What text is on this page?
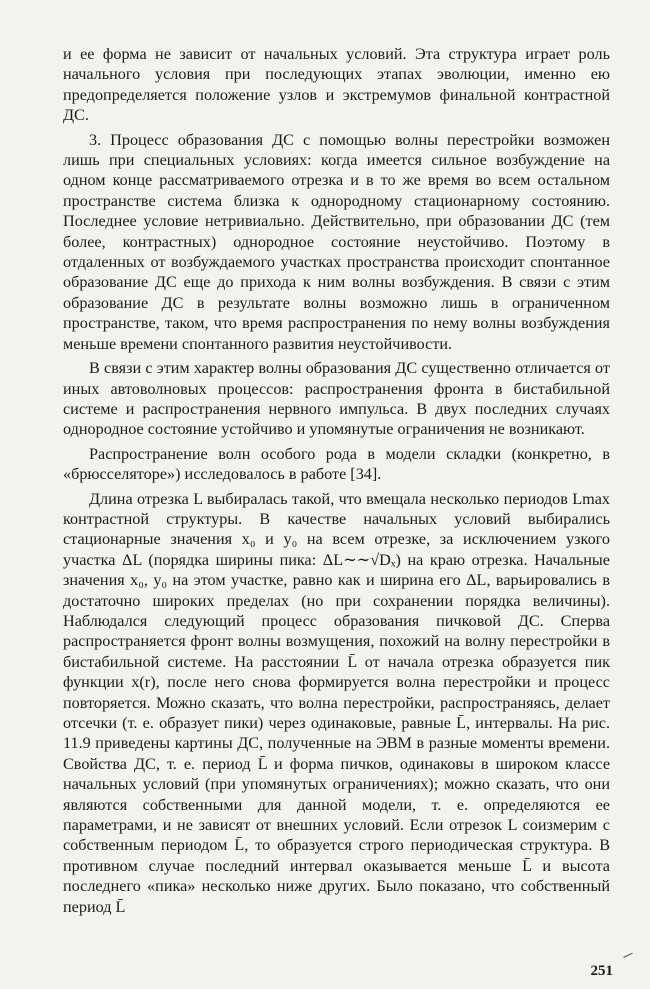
и ее форма не зависит от начальных условий. Эта структура играет роль начального условия при последующих этапах эволюции, именно ею предопределяется положение узлов и экстремумов финальной контрастной ДС.

3. Процесс образования ДС с помощью волны перестройки возможен лишь при специальных условиях: когда имеется сильное возбуждение на одном конце рассматриваемого отрезка и в то же время во всем остальном пространстве система близка к однородному стационарному состоянию. Последнее условие нетривиально. Действительно, при образовании ДС (тем более, контрастных) однородное состояние неустойчиво. Поэтому в отдаленных от возбуждаемого участках пространства происходит спонтанное образование ДС еще до прихода к ним волны возбуждения. В связи с этим образование ДС в результате волны возможно лишь в ограниченном пространстве, таком, что время распространения по нему волны возбуждения меньше времени спонтанного развития неустойчивости.

В связи с этим характер волны образования ДС существенно отличается от иных автоволновых процессов: распространения фронта в бистабильной системе и распространения нервного импульса. В двух последних случаях однородное состояние устойчиво и упомянутые ограничения не возникают.

Распространение волн особого рода в модели складки (конкретно, в «брюсселяторе») исследовалось в работе [34].

Длина отрезка L выбиралась такой, что вмещала несколько периодов Lmax контрастной структуры. В качестве начальных условий выбирались стационарные значения x₀ и y₀ на всем отрезке, за исключением узкого участка ΔL (порядка ширины пика: ΔL∼∼√Dₓ) на краю отрезка. Начальные значения x₀, y₀ на этом участке, равно как и ширина его ΔL, варьировались в достаточно широких пределах (но при сохранении порядка величины). Наблюдался следующий процесс образования пичковой ДС. Сперва распространяется фронт волны возмущения, похожий на волну перестройки в бистабильной системе. На расстоянии L̄ от начала отрезка образуется пик функции x(r), после него снова формируется волна перестройки и процесс повторяется. Можно сказать, что волна перестройки, распространяясь, делает отсечки (т. е. образует пики) через одинаковые, равные L̄, интервалы. На рис. 11.9 приведены картины ДС, полученные на ЭВМ в разные моменты времени. Свойства ДС, т. е. период L̄ и форма пичков, одинаковы в широком классе начальных условий (при упомянутых ограничениях); можно сказать, что они являются собственными для данной модели, т. е. определяются ее параметрами, и не зависят от внешних условий. Если отрезок L соизмерим с собственным периодом L̄, то образуется строго периодическая структура. В противном случае последний интервал оказывается меньше L̄ и высота последнего «пика» несколько ниже других. Было показано, что собственный период L̄

251
